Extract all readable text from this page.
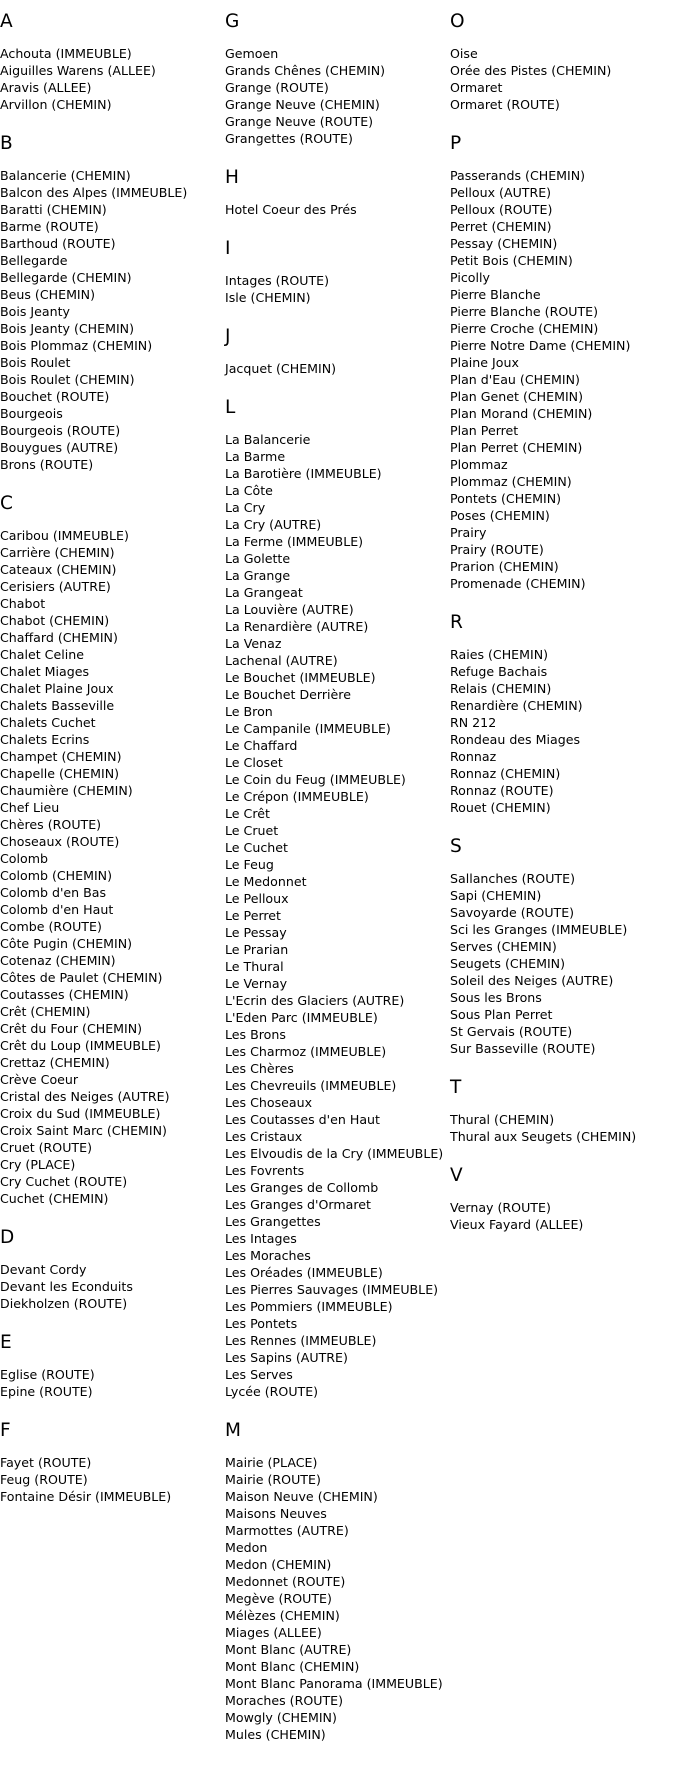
A
Achouta (IMMEUBLE)
Aiguilles Warens (ALLEE)
Aravis (ALLEE)
Arvillon (CHEMIN)
B
Balancerie (CHEMIN)
Balcon des Alpes (IMMEUBLE)
Baratti (CHEMIN)
Barme (ROUTE)
Barthoud (ROUTE)
Bellegarde
Bellegarde (CHEMIN)
Beus (CHEMIN)
Bois Jeanty
Bois Jeanty (CHEMIN)
Bois Plommaz (CHEMIN)
Bois Roulet
Bois Roulet (CHEMIN)
Bouchet (ROUTE)
Bourgeois
Bourgeois (ROUTE)
Bouygues (AUTRE)
Brons (ROUTE)
C
Caribou (IMMEUBLE)
Carrière (CHEMIN)
Cateaux (CHEMIN)
Cerisiers (AUTRE)
Chabot
Chabot (CHEMIN)
Chaffard (CHEMIN)
Chalet Celine
Chalet Miages
Chalet Plaine Joux
Chalets Basseville
Chalets Cuchet
Chalets Ecrins
Champet (CHEMIN)
Chapelle (CHEMIN)
Chaumière (CHEMIN)
Chef Lieu
Chères (ROUTE)
Choseaux (ROUTE)
Colomb
Colomb (CHEMIN)
Colomb d'en Bas
Colomb d'en Haut
Combe (ROUTE)
Côte Pugin (CHEMIN)
Cotenaz (CHEMIN)
Côtes de Paulet (CHEMIN)
Coutasses (CHEMIN)
Crêt (CHEMIN)
Crêt du Four (CHEMIN)
Crêt du Loup (IMMEUBLE)
Crettaz (CHEMIN)
Crève Coeur
Cristal des Neiges (AUTRE)
Croix du Sud (IMMEUBLE)
Croix Saint Marc (CHEMIN)
Cruet (ROUTE)
Cry (PLACE)
Cry Cuchet (ROUTE)
Cuchet (CHEMIN)
D
Devant Cordy
Devant les Econduits
Diekholzen (ROUTE)
E
Eglise (ROUTE)
Epine (ROUTE)
F
Fayet (ROUTE)
Feug (ROUTE)
Fontaine Désir (IMMEUBLE)
G
Gemoen
Grands Chênes (CHEMIN)
Grange (ROUTE)
Grange Neuve (CHEMIN)
Grange Neuve (ROUTE)
Grangettes (ROUTE)
H
Hotel Coeur des Prés
I
Intages (ROUTE)
Isle (CHEMIN)
J
Jacquet (CHEMIN)
L
La Balancerie
La Barme
La Barotière (IMMEUBLE)
La Côte
La Cry
La Cry (AUTRE)
La Ferme (IMMEUBLE)
La Golette
La Grange
La Grangeat
La Louvière (AUTRE)
La Renardière (AUTRE)
La Venaz
Lachenal (AUTRE)
Le Bouchet (IMMEUBLE)
Le Bouchet Derrière
Le Bron
Le Campanile (IMMEUBLE)
Le Chaffard
Le Closet
Le Coin du Feug (IMMEUBLE)
Le Crépon (IMMEUBLE)
Le Crêt
Le Cruet
Le Cuchet
Le Feug
Le Medonnet
Le Pelloux
Le Perret
Le Pessay
Le Prarian
Le Thural
Le Vernay
L'Ecrin des Glaciers (AUTRE)
L'Eden Parc (IMMEUBLE)
Les Brons
Les Charmoz (IMMEUBLE)
Les Chères
Les Chevreuils (IMMEUBLE)
Les Choseaux
Les Coutasses d'en Haut
Les Cristaux
Les Elvoudis de la Cry (IMMEUBLE)
Les Fovrents
Les Granges de Collomb
Les Granges d'Ormaret
Les Grangettes
Les Intages
Les Moraches
Les Oréades (IMMEUBLE)
Les Pierres Sauvages (IMMEUBLE)
Les Pommiers (IMMEUBLE)
Les Pontets
Les Rennes (IMMEUBLE)
Les Sapins (AUTRE)
Les Serves
Lycée (ROUTE)
M
Mairie (PLACE)
Mairie (ROUTE)
Maison Neuve (CHEMIN)
Maisons Neuves
Marmottes (AUTRE)
Medon
Medon (CHEMIN)
Medonnet (ROUTE)
Megève (ROUTE)
Mélèzes (CHEMIN)
Miages (ALLEE)
Mont Blanc (AUTRE)
Mont Blanc (CHEMIN)
Mont Blanc Panorama (IMMEUBLE)
Moraches (ROUTE)
Mowgly (CHEMIN)
Mules (CHEMIN)
O
Oise
Orée des Pistes (CHEMIN)
Ormaret
Ormaret (ROUTE)
P
Passerands (CHEMIN)
Pelloux (AUTRE)
Pelloux (ROUTE)
Perret (CHEMIN)
Pessay (CHEMIN)
Petit Bois (CHEMIN)
Picolly
Pierre Blanche
Pierre Blanche (ROUTE)
Pierre Croche (CHEMIN)
Pierre Notre Dame (CHEMIN)
Plaine Joux
Plan d'Eau (CHEMIN)
Plan Genet (CHEMIN)
Plan Morand (CHEMIN)
Plan Perret
Plan Perret (CHEMIN)
Plommaz
Plommaz (CHEMIN)
Pontets (CHEMIN)
Poses (CHEMIN)
Prairy
Prairy (ROUTE)
Prarion (CHEMIN)
Promenade (CHEMIN)
R
Raies (CHEMIN)
Refuge Bachais
Relais (CHEMIN)
Renardière (CHEMIN)
RN 212
Rondeau des Miages
Ronnaz
Ronnaz (CHEMIN)
Ronnaz (ROUTE)
Rouet (CHEMIN)
S
Sallanches (ROUTE)
Sapi (CHEMIN)
Savoyarde (ROUTE)
Sci les Granges (IMMEUBLE)
Serves (CHEMIN)
Seugets (CHEMIN)
Soleil des Neiges (AUTRE)
Sous les Brons
Sous Plan Perret
St Gervais (ROUTE)
Sur Basseville (ROUTE)
T
Thural (CHEMIN)
Thural aux Seugets (CHEMIN)
V
Vernay (ROUTE)
Vieux Fayard (ALLEE)
